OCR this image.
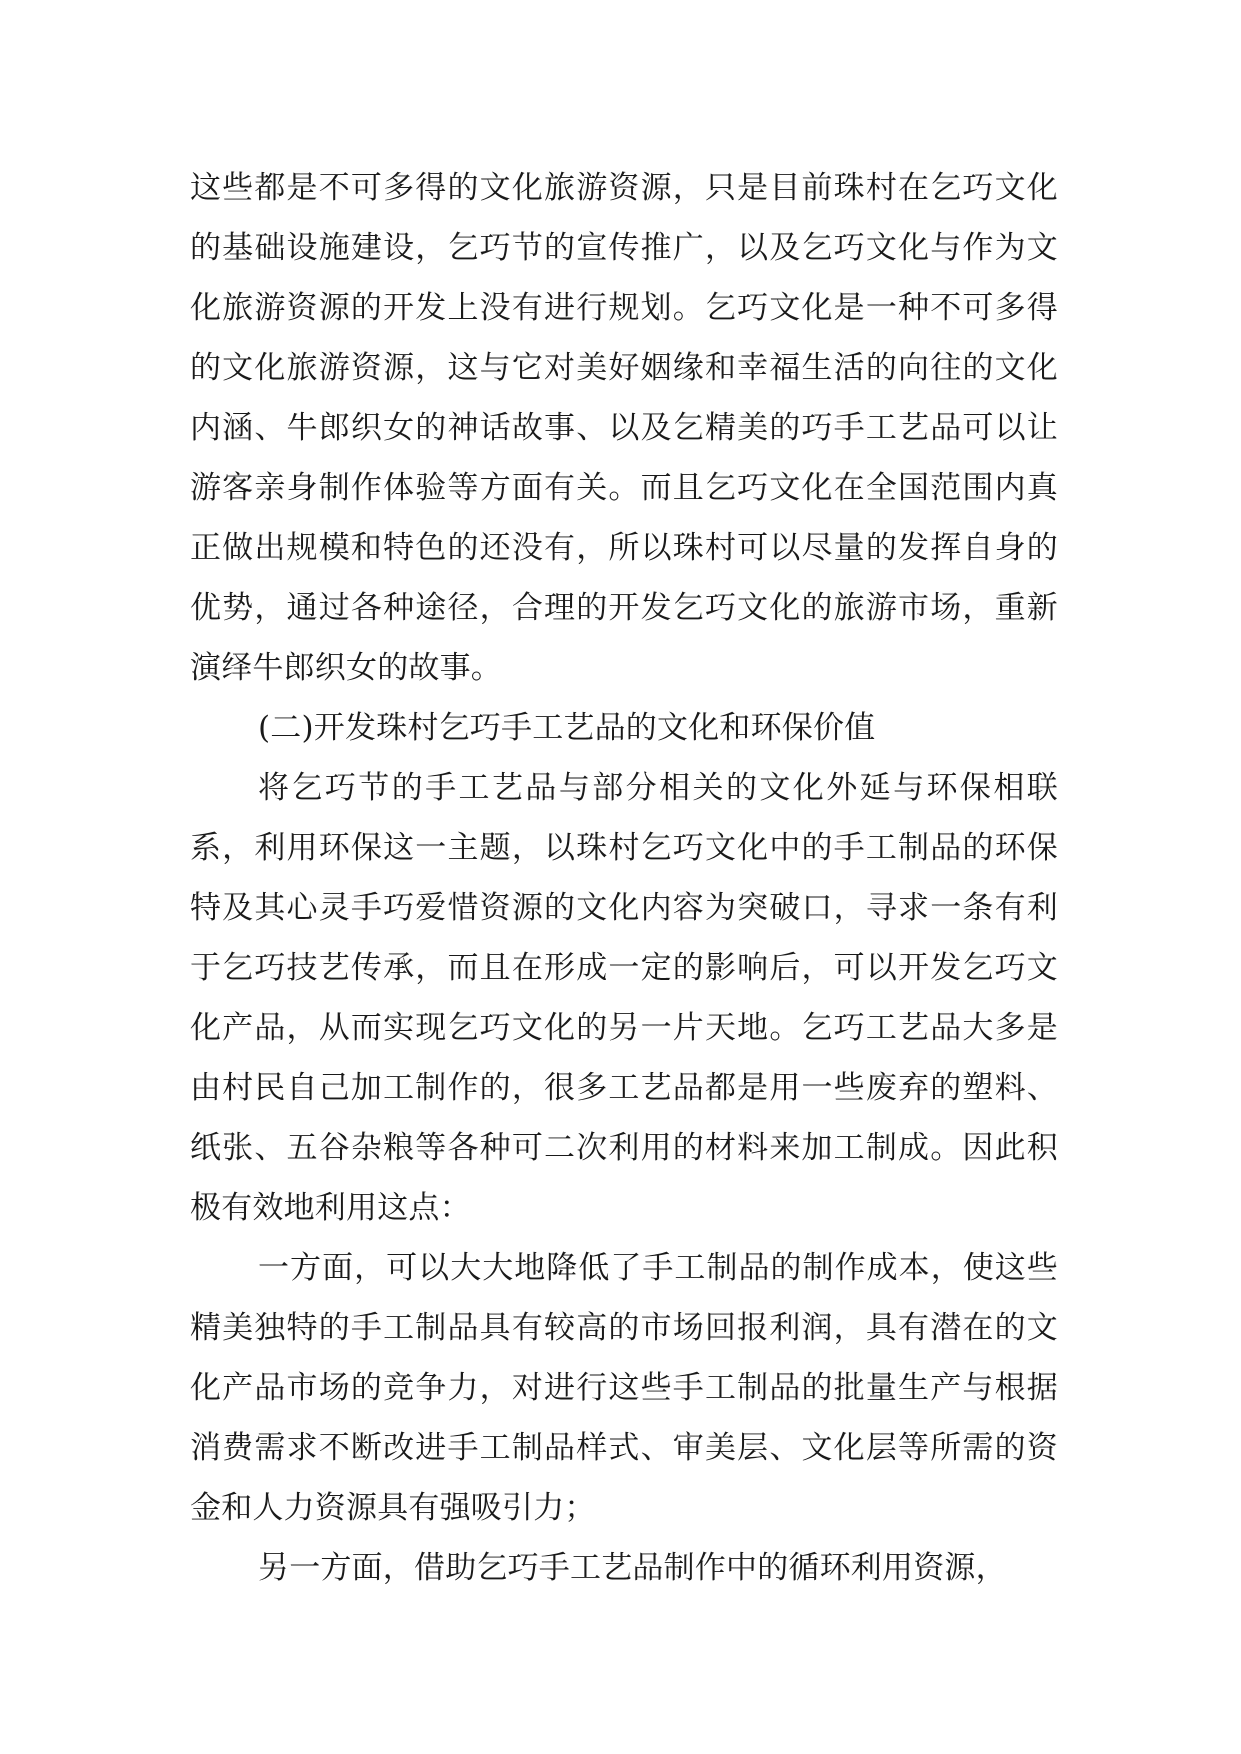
这些都是不可多得的文化旅游资源，只是目前珠村在乞巧文化的基础设施建设，乞巧节的宣传推广，以及乞巧文化与作为文化旅游资源的开发上没有进行规划。乞巧文化是一种不可多得的文化旅游资源，这与它对美好姻缘和幸福生活的向往的文化内涵、牛郎织女的神话故事、以及乞精美的巧手工艺品可以让游客亲身制作体验等方面有关。而且乞巧文化在全国范围内真正做出规模和特色的还没有，所以珠村可以尽量的发挥自身的优势，通过各种途径，合理的开发乞巧文化的旅游市场，重新演绎牛郎织女的故事。

(二)开发珠村乞巧手工艺品的文化和环保价值

将乞巧节的手工艺品与部分相关的文化外延与环保相联系，利用环保这一主题，以珠村乞巧文化中的手工制品的环保特及其心灵手巧爱惜资源的文化内容为突破口，寻求一条有利于乞巧技艺传承，而且在形成一定的影响后，可以开发乞巧文化产品，从而实现乞巧文化的另一片天地。乞巧工艺品大多是由村民自己加工制作的，很多工艺品都是用一些废弃的塑料、纸张、五谷杂粮等各种可二次利用的材料来加工制成。因此积极有效地利用这点：

一方面，可以大大地降低了手工制品的制作成本，使这些精美独特的手工制品具有较高的市场回报利润，具有潜在的文化产品市场的竞争力，对进行这些手工制品的批量生产与根据消费需求不断改进手工制品样式、审美层、文化层等所需的资金和人力资源具有强吸引力；

另一方面，借助乞巧手工艺品制作中的循环利用资源，
